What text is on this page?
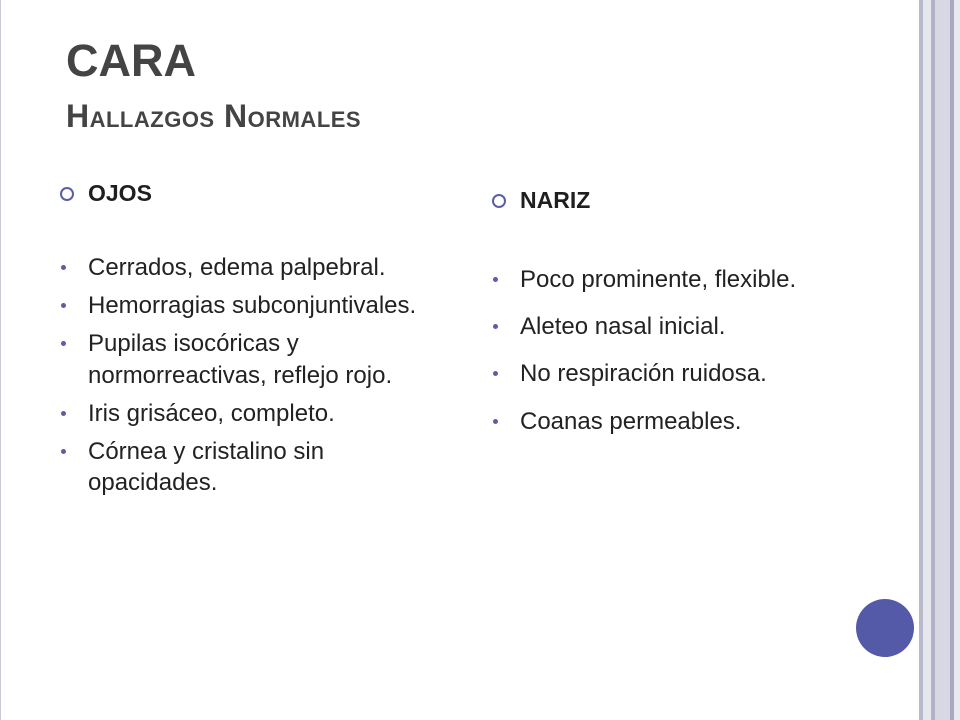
CARA
Hallazgos Normales
OJOS
Cerrados, edema palpebral.
Hemorragias subconjuntivales.
Pupilas isocóricas y normorreactivas, reflejo rojo.
Iris grisáceo, completo.
Córnea y cristalino sin opacidades.
NARIZ
Poco prominente, flexible.
Aleteo nasal inicial.
No respiración ruidosa.
Coanas permeables.
